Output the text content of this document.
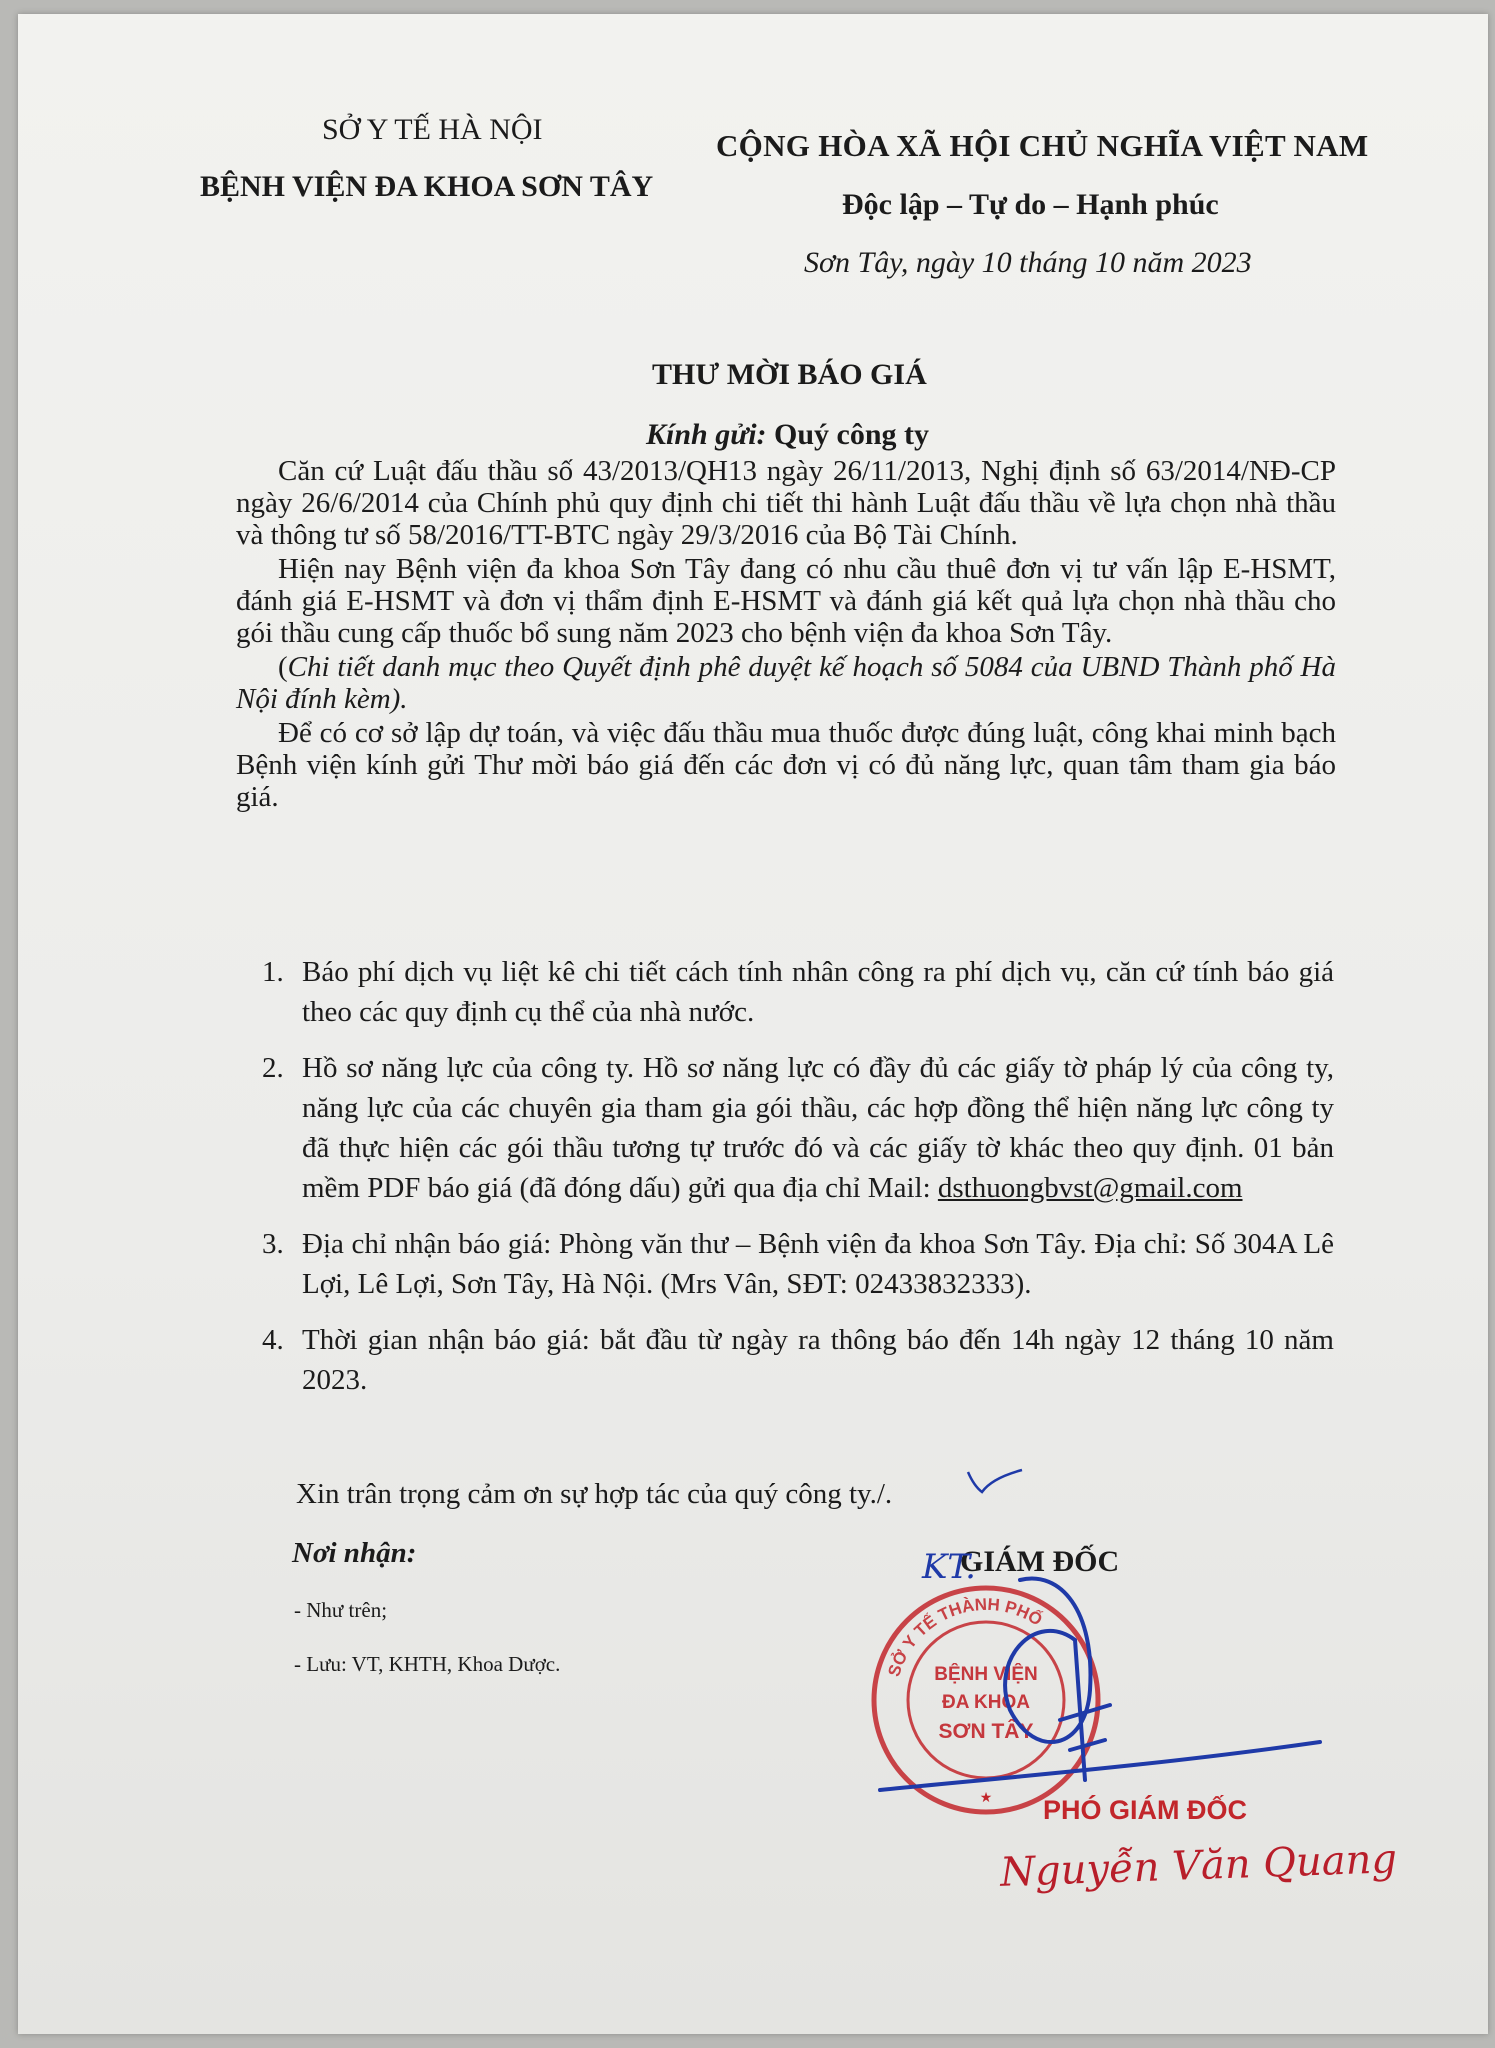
SỞ Y TẾ HÀ NỘI
BỆNH VIỆN ĐA KHOA SƠN TÂY
CỘNG HÒA XÃ HỘI CHỦ NGHĨA VIỆT NAM
Độc lập – Tự do – Hạnh phúc
Sơn Tây, ngày 10 tháng 10 năm 2023
THƯ MỜI BÁO GIÁ
Kính gửi: Quý công ty

Căn cứ Luật đấu thầu số 43/2013/QH13 ngày 26/11/2013, Nghị định số 63/2014/NĐ-CP ngày 26/6/2014 của Chính phủ quy định chi tiết thi hành Luật đấu thầu về lựa chọn nhà thầu và thông tư số 58/2016/TT-BTC ngày 29/3/2016 của Bộ Tài Chính.

Hiện nay Bệnh viện đa khoa Sơn Tây đang có nhu cầu thuê đơn vị tư vấn lập E-HSMT, đánh giá E-HSMT và đơn vị thẩm định E-HSMT và đánh giá kết quả lựa chọn nhà thầu cho gói thầu cung cấp thuốc bổ sung năm 2023 cho bệnh viện đa khoa Sơn Tây.

(Chi tiết danh mục theo Quyết định phê duyệt kế hoạch số 5084 của UBND Thành phố Hà Nội đính kèm).

Để có cơ sở lập dự toán, và việc đấu thầu mua thuốc được đúng luật, công khai minh bạch Bệnh viện kính gửi Thư mời báo giá đến các đơn vị có đủ năng lực, quan tâm tham gia báo giá.

1. Báo phí dịch vụ liệt kê chi tiết cách tính nhân công ra phí dịch vụ, căn cứ tính báo giá theo các quy định cụ thể của nhà nước.
2. Hồ sơ năng lực của công ty. Hồ sơ năng lực có đầy đủ các giấy tờ pháp lý của công ty, năng lực của các chuyên gia tham gia gói thầu, các hợp đồng thể hiện năng lực công ty đã thực hiện các gói thầu tương tự trước đó và các giấy tờ khác theo quy định. 01 bản mềm PDF báo giá (đã đóng dấu) gửi qua địa chỉ Mail: dsthuongbvst@gmail.com
3. Địa chỉ nhận báo giá: Phòng văn thư – Bệnh viện đa khoa Sơn Tây. Địa chỉ: Số 304A Lê Lợi, Lê Lợi, Sơn Tây, Hà Nội. (Mrs Vân, SĐT: 02433832333).
4. Thời gian nhận báo giá: bắt đầu từ ngày ra thông báo đến 14h ngày 12 tháng 10 năm 2023.
Xin trân trọng cảm ơn sự hợp tác của quý công ty./.
Nơi nhận:
- Như trên;
- Lưu: VT, KHTH, Khoa Dược.
GIÁM ĐỐC
SỞ Y TẾ THÀNH PHỐ
BỆNH VIỆN
ĐA KHOA
SƠN TÂY
★
KT.
PHÓ GIÁM ĐỐC
Nguyễn Văn Quang
